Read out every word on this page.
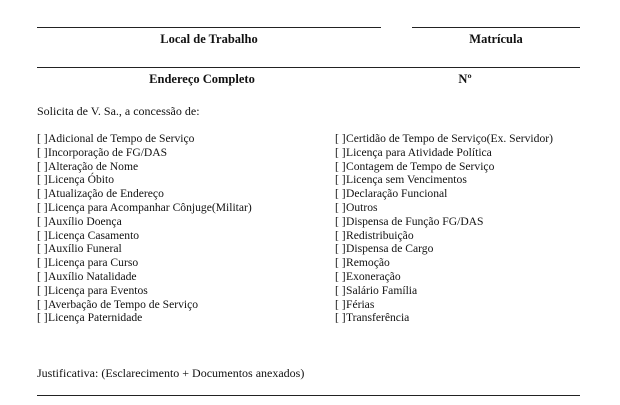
Local de Trabalho	Matrícula
Endereço Completo	Nº
Solicita de V. Sa., a concessão de:
[ ]Adicional de Tempo de Serviço
[ ]Incorporação de FG/DAS
[ ]Alteração de Nome
[ ]Licença Óbito
[ ]Atualização de Endereço
[ ]Licença para Acompanhar Cônjuge(Militar)
[ ]Auxílio Doença
[ ]Licença Casamento
[ ]Auxílio Funeral
[ ]Licença para Curso
[ ]Auxílio Natalidade
[ ]Licença para Eventos
[ ]Averbação de Tempo de Serviço
[ ]Licença Paternidade
[ ]Certidão de Tempo de Serviço(Ex. Servidor)
[ ]Licença para Atividade Política
[ ]Contagem de Tempo de Serviço
[ ]Licença sem Vencimentos
[ ]Declaração Funcional
[ ]Outros
[ ]Dispensa de Função FG/DAS
[ ]Redistribuição
[ ]Dispensa de Cargo
[ ]Remoção
[ ]Exoneração
[ ]Salário Família
[ ]Férias
[ ]Transferência
Justificativa: (Esclarecimento + Documentos anexados)
